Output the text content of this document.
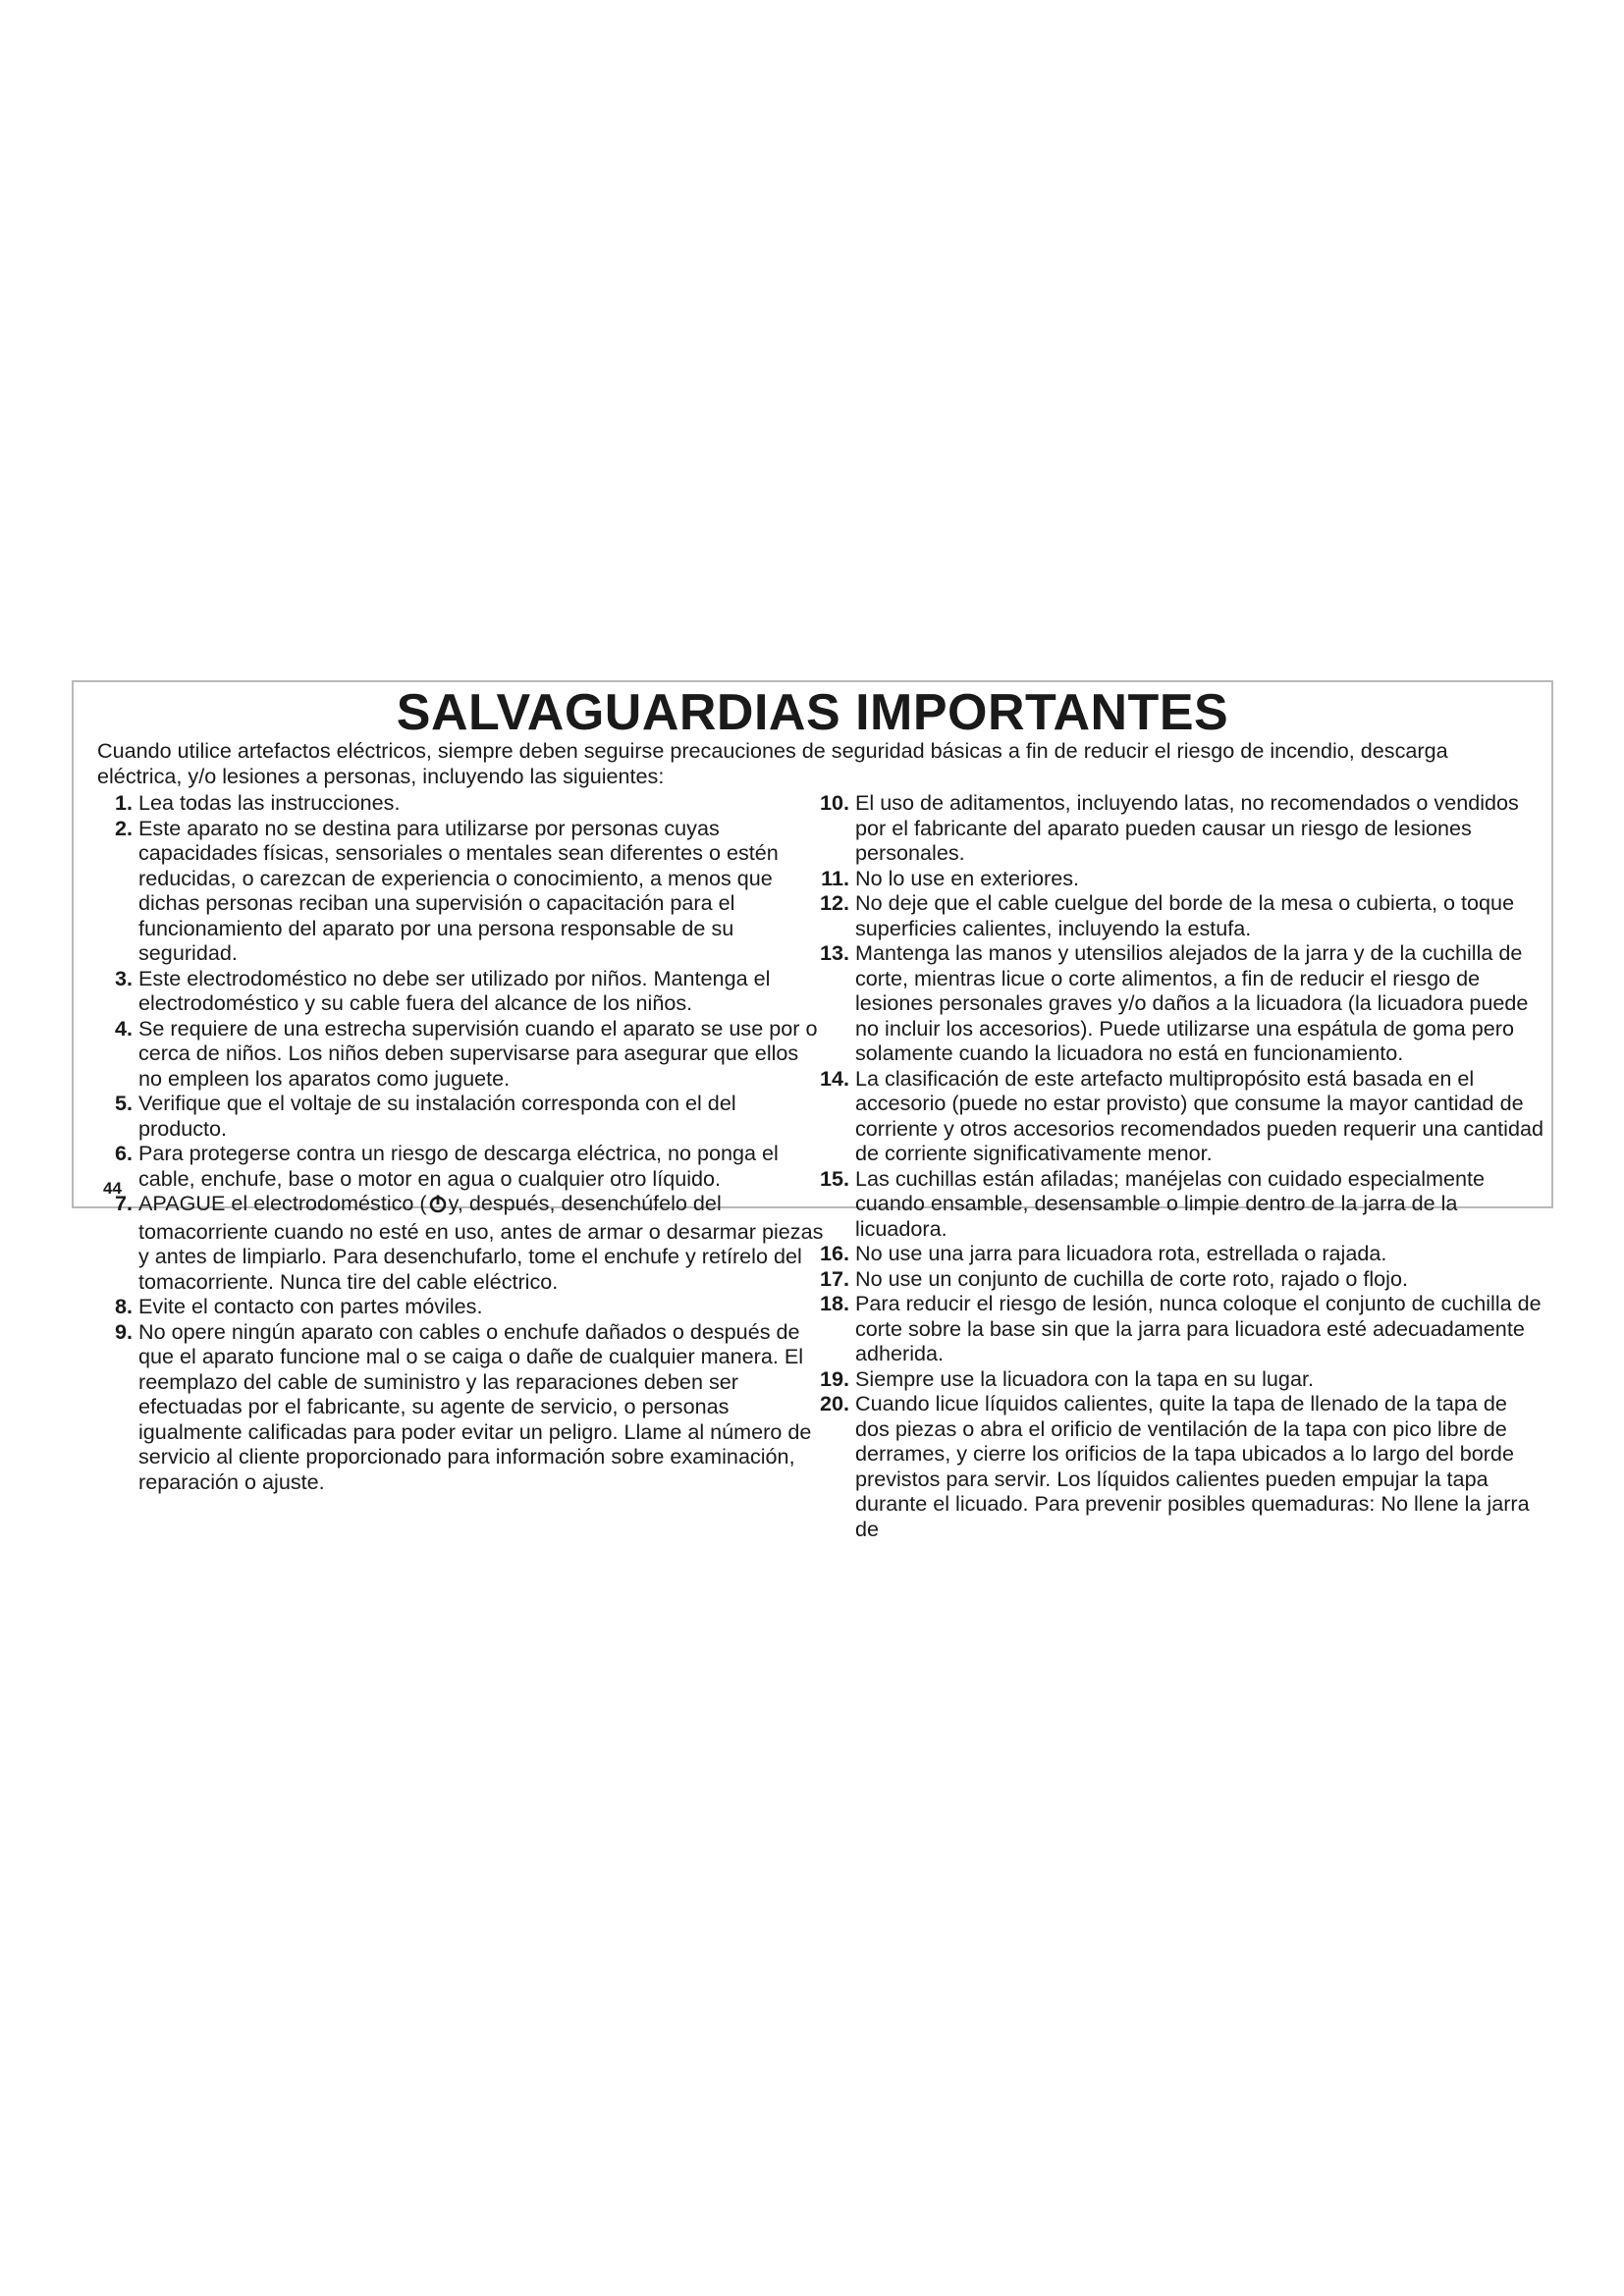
SALVAGUARDIAS IMPORTANTES

Cuando utilice artefactos eléctricos, siempre deben seguirse precauciones de seguridad básicas a fin de reducir el riesgo de incendio, descarga eléctrica, y/o lesiones a personas, incluyendo las siguientes:

1. Lea todas las instrucciones.
2. Este aparato no se destina para utilizarse por personas cuyas capacidades físicas, sensoriales o mentales sean diferentes o estén reducidas, o carezcan de experiencia o conocimiento, a menos que dichas personas reciban una supervisión o capacitación para el funcionamiento del aparato por una persona responsable de su seguridad.
3. Este electrodoméstico no debe ser utilizado por niños. Mantenga el electrodoméstico y su cable fuera del alcance de los niños.
4. Se requiere de una estrecha supervisión cuando el aparato se use por o cerca de niños. Los niños deben supervisarse para asegurar que ellos no empleen los aparatos como juguete.
5. Verifique que el voltaje de su instalación corresponda con el del producto.
6. Para protegerse contra un riesgo de descarga eléctrica, no ponga el cable, enchufe, base o motor en agua o cualquier otro líquido.
7. APAGUE el electrodoméstico ( y, después, desenchúfelo del tomacorriente cuando no esté en uso, antes de armar o desarmar piezas y antes de limpiarlo. Para desenchufarlo, tome el enchufe y retírelo del tomacorriente. Nunca tire del cable eléctrico.
8. Evite el contacto con partes móviles.
9. No opere ningún aparato con cables o enchufe dañados o después de que el aparato funcione mal o se caiga o dañe de cualquier manera. El reemplazo del cable de suministro y las reparaciones deben ser efectuadas por el fabricante, su agente de servicio, o personas igualmente calificadas para poder evitar un peligro. Llame al número de servicio al cliente proporcionado para información sobre examinación, reparación o ajuste.
10. El uso de aditamentos, incluyendo latas, no recomendados o vendidos por el fabricante del aparato pueden causar un riesgo de lesiones personales.
11. No lo use en exteriores.
12. No deje que el cable cuelgue del borde de la mesa o cubierta, o toque superficies calientes, incluyendo la estufa.
13. Mantenga las manos y utensilios alejados de la jarra y de la cuchilla de corte, mientras licue o corte alimentos, a fin de reducir el riesgo de lesiones personales graves y/o daños a la licuadora (la licuadora puede no incluir los accesorios). Puede utilizarse una espátula de goma pero solamente cuando la licuadora no está en funcionamiento.
14. La clasificación de este artefacto multipropósito está basada en el accesorio (puede no estar provisto) que consume la mayor cantidad de corriente y otros accesorios recomendados pueden requerir una cantidad de corriente significativamente menor.
15. Las cuchillas están afiladas; manéjelas con cuidado especialmente cuando ensamble, desensamble o limpie dentro de la jarra de la licuadora.
16. No use una jarra para licuadora rota, estrellada o rajada.
17. No use un conjunto de cuchilla de corte roto, rajado o flojo.
18. Para reducir el riesgo de lesión, nunca coloque el conjunto de cuchilla de corte sobre la base sin que la jarra para licuadora esté adecuadamente adherida.
19. Siempre use la licuadora con la tapa en su lugar.
20. Cuando licue líquidos calientes, quite la tapa de llenado de la tapa de dos piezas o abra el orificio de ventilación de la tapa con pico libre de derrames, y cierre los orificios de la tapa ubicados a lo largo del borde previstos para servir. Los líquidos calientes pueden empujar la tapa durante el licuado. Para prevenir posibles quemaduras: No llene la jarra de
44
